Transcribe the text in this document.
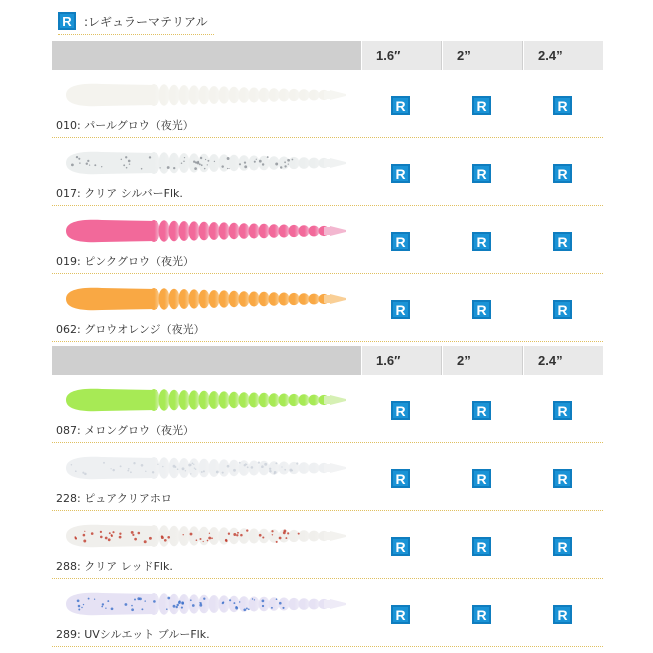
R	:レギュラーマテリアル
1.6″	2”	2.4”
010: パールグロウ（夜光）
R	R	R
017: クリア シルバーFlk.
R	R	R
019: ピンクグロウ（夜光）
R	R	R
062: グロウオレンジ（夜光）
R	R	R
1.6″	2”	2.4”
087: メロングロウ（夜光）
R	R	R
228: ピュアクリアホロ
R	R	R
288: クリア レッドFlk.
R	R	R
289: UVシルエット ブルーFlk.
R	R	R
